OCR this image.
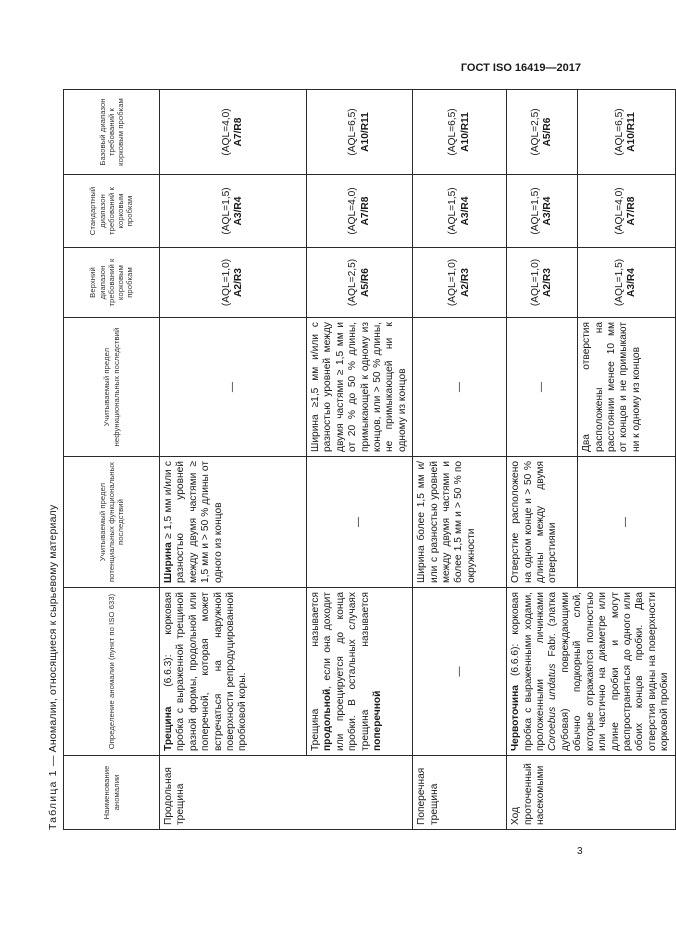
ГОСТ ISO 16419—2017
Таблица 1 — Аномалии, относящиеся к сырьевому материалу
Наименование аномалии	Определение аномалии (пункт по ISO 633)	Учитываемый предел потенциальных функциональных последствий	Учитываемый предел нефункциональных последствий	Верхний диапазон требований к корковым пробкам	Стандартный диапазон требований к корковым пробкам	Базовый диапазон требований к корковым пробкам
Продольная трещина	Трещина (6.6.3): корковая пробка с выраженной трещиной разной формы, продольной или поперечной, которая может встречаться на наружной поверхности репродуцированной пробковой коры.	Ширина ≥ 1,5 мм и/или с разностью уровней между двумя частями ≥ 1,5 мм и > 50 % длины от одного из концов	—	(AQL=1,0) A2/R3	(AQL=1,5) A3/R4	(AQL=4,0) A7/R8

	Трещина называется продольной, если она доходит или проецируется до конца пробки. В остальных случаях трещина называется поперечной	—	Ширина ≥1,5 мм и/или с разностью уровней между двумя частями ≥ 1,5 мм и от 20 % до 50 % длины, примыкающей к одному из концов, или > 50 % длины, не примыкающей ни к одному из концов	(AQL=2,5) A5/R6	(AQL=4,0) A7/R8	(AQL=6,5) A10/R11

Поперечная трещина	—	Ширина более 1,5 мм и/или с разностью уровней между двумя частями и более 1,5 мм и > 50 % по окружности	—	(AQL=1,0) A2/R3	(AQL=1,5) A3/R4	(AQL=6,5) A10/R11

Ход проточенный насекомыми	Червоточина (6.6.6): корковая пробка с выраженными ходами, проложенными личинками Coroebus undatus Fabr. (златка дубовая) повреждающими обычно подкорный слой, которые отражаются полностью или частично на диаметре или длине пробки и могут распространяться до одного или обоих концов пробки. Два отверстия видны на поверхности корковой пробки	Отверстие расположено на одном конце и > 50 % длины между двумя отверстиями	—	(AQL=1,0) A2/R3	(AQL=1,5) A3/R4	(AQL=2,5) A5/R6

		—	Два отверстия расположены на расстоянии менее 10 мм от концов и не примыкают ни к одному из концов	(AQL=1,5) A3/R4	(AQL=4,0) A7/R8	(AQL=6,5) A10/R11
3
